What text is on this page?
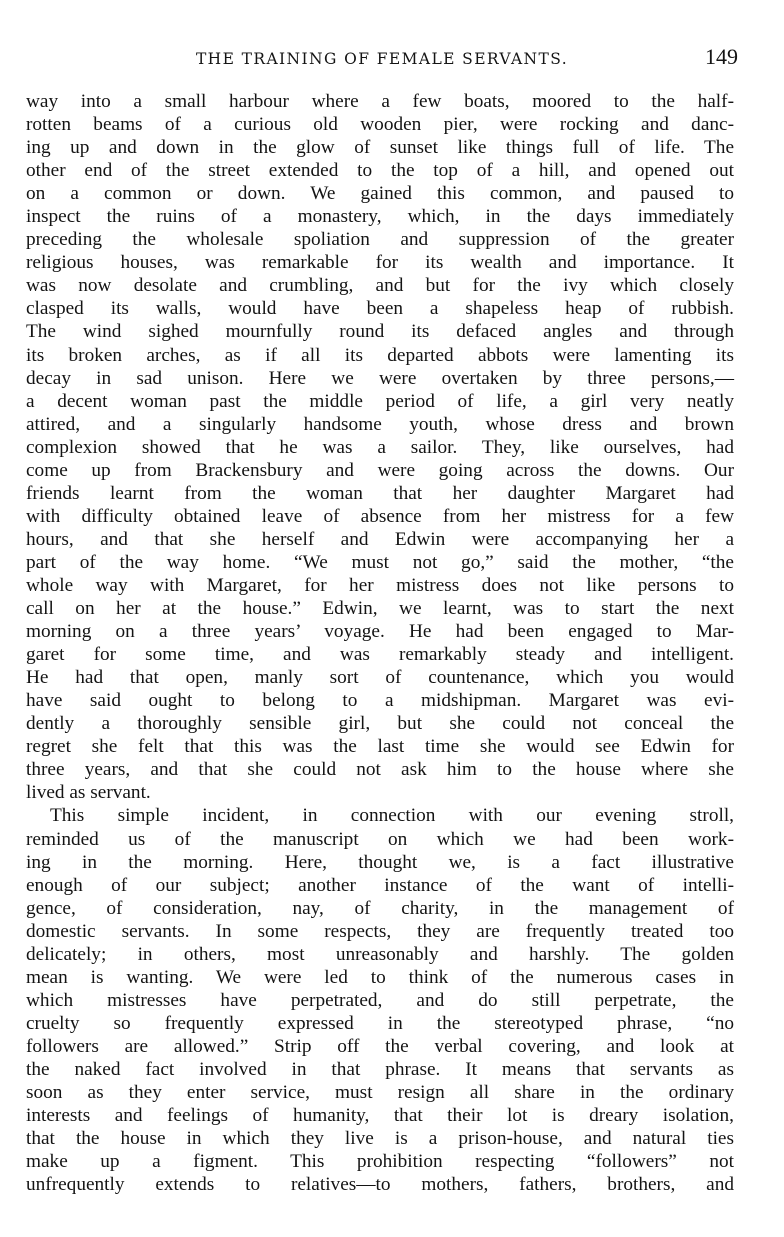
THE TRAINING OF FEMALE SERVANTS.	149
way into a small harbour where a few boats, moored to the half-
rotten beams of a curious old wooden pier, were rocking and danc-
ing up and down in the glow of sunset like things full of life. The
other end of the street extended to the top of a hill, and opened out
on a common or down. We gained this common, and paused to
inspect the ruins of a monastery, which, in the days immediately
preceding the wholesale spoliation and suppression of the greater
religious houses, was remarkable for its wealth and importance. It
was now desolate and crumbling, and but for the ivy which closely
clasped its walls, would have been a shapeless heap of rubbish.
The wind sighed mournfully round its defaced angles and through
its broken arches, as if all its departed abbots were lamenting its
decay in sad unison. Here we were overtaken by three persons,—
a decent woman past the middle period of life, a girl very neatly
attired, and a singularly handsome youth, whose dress and brown
complexion showed that he was a sailor. They, like ourselves, had
come up from Brackensbury and were going across the downs. Our
friends learnt from the woman that her daughter Margaret had
with difficulty obtained leave of absence from her mistress for a few
hours, and that she herself and Edwin were accompanying her a
part of the way home. “We must not go,” said the mother, “the
whole way with Margaret, for her mistress does not like persons to
call on her at the house.” Edwin, we learnt, was to start the next
morning on a three years’ voyage. He had been engaged to Mar-
garet for some time, and was remarkably steady and intelligent.
He had that open, manly sort of countenance, which you would
have said ought to belong to a midshipman. Margaret was evi-
dently a thoroughly sensible girl, but she could not conceal the
regret she felt that this was the last time she would see Edwin for
three years, and that she could not ask him to the house where she
lived as servant.
This simple incident, in connection with our evening stroll,
reminded us of the manuscript on which we had been work-
ing in the morning. Here, thought we, is a fact illustrative
enough of our subject; another instance of the want of intelli-
gence, of consideration, nay, of charity, in the management of
domestic servants. In some respects, they are frequently treated too
delicately; in others, most unreasonably and harshly. The golden
mean is wanting. We were led to think of the numerous cases in
which mistresses have perpetrated, and do still perpetrate, the
cruelty so frequently expressed in the stereotyped phrase, “no
followers are allowed.” Strip off the verbal covering, and look at
the naked fact involved in that phrase. It means that servants as
soon as they enter service, must resign all share in the ordinary
interests and feelings of humanity, that their lot is dreary isolation,
that the house in which they live is a prison-house, and natural ties
make up a figment. This prohibition respecting “followers” not
unfrequently extends to relatives—to mothers, fathers, brothers, and
